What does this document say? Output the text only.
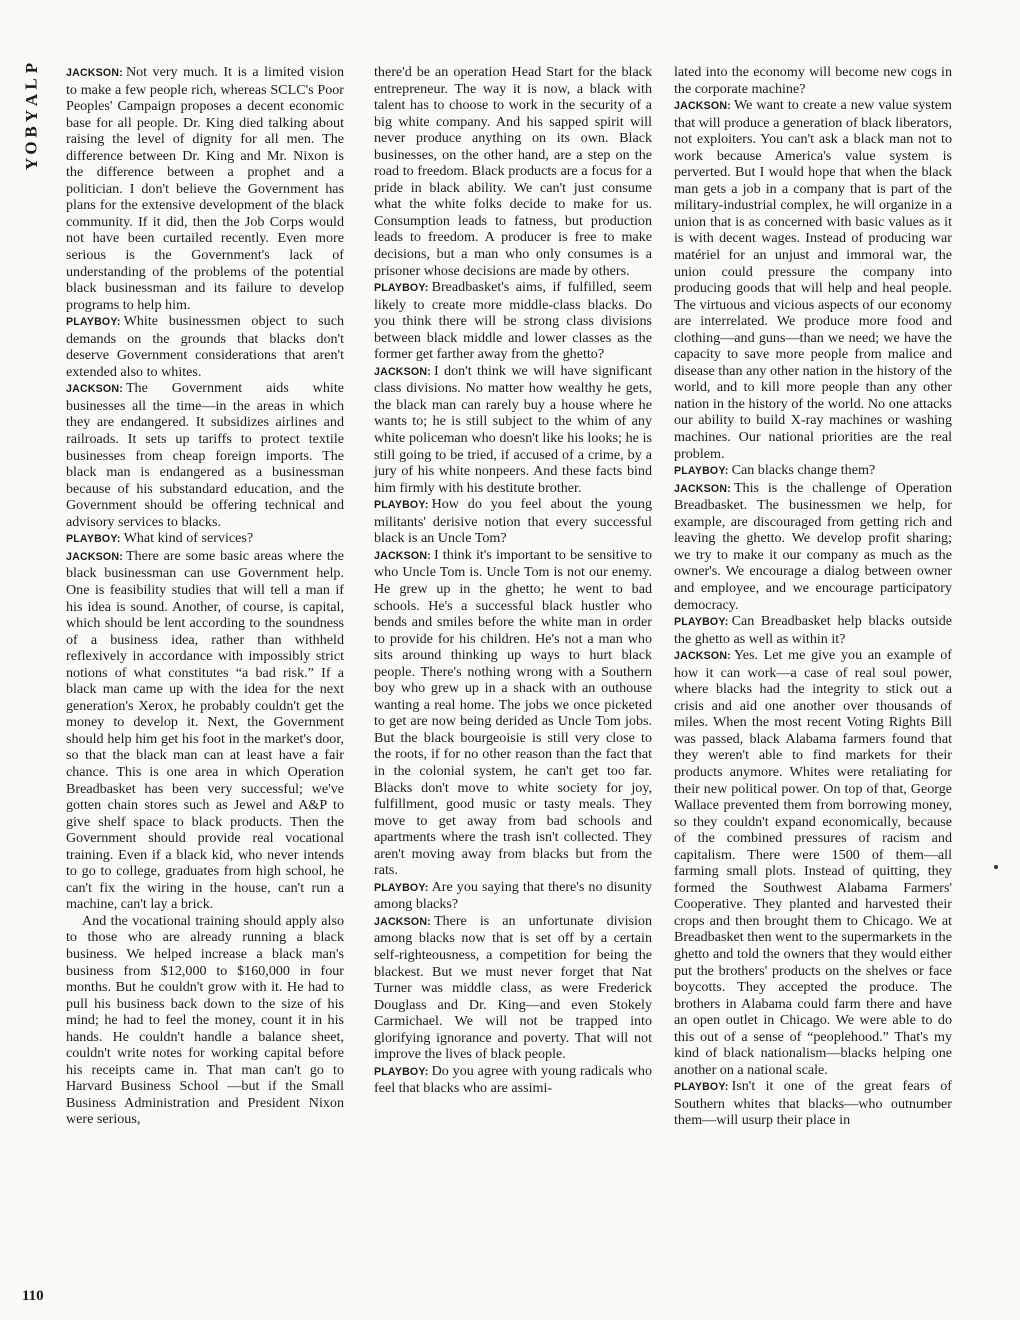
P
L
A
Y
B
O
Y

JACKSON: Not very much. It is a limited vision to make a few people rich, whereas SCLC's Poor Peoples' Campaign proposes a decent economic base for all people. Dr. King died talking about raising the level of dignity for all men. The difference between Dr. King and Mr. Nixon is the difference between a prophet and a politician. I don't believe the Government has plans for the extensive development of the black community. If it did, then the Job Corps would not have been curtailed recently. Even more serious is the Government's lack of understanding of the problems of the potential black businessman and its failure to develop programs to help him.

PLAYBOY: White businessmen object to such demands on the grounds that blacks don't deserve Government considerations that aren't extended also to whites.

JACKSON: The Government aids white businesses all the time—in the areas in which they are endangered. It subsidizes airlines and railroads. It sets up tariffs to protect textile businesses from cheap foreign imports. The black man is endangered as a businessman because of his substandard education, and the Government should be offering technical and advisory services to blacks.

PLAYBOY: What kind of services?

JACKSON: There are some basic areas where the black businessman can use Government help. One is feasibility studies that will tell a man if his idea is sound. Another, of course, is capital, which should be lent according to the soundness of a business idea, rather than withheld reflexively in accordance with impossibly strict notions of what constitutes “a bad risk.” If a black man came up with the idea for the next generation's Xerox, he probably couldn't get the money to develop it. Next, the Government should help him get his foot in the market's door, so that the black man can at least have a fair chance. This is one area in which Operation Breadbasket has been very successful; we've gotten chain stores such as Jewel and A&P to give shelf space to black products. Then the Government should provide real vocational training. Even if a black kid, who never intends to go to college, graduates from high school, he can't fix the wiring in the house, can't run a machine, can't lay a brick.

And the vocational training should apply also to those who are already running a black business. We helped increase a black man's business from $12,000 to $160,000 in four months. But he couldn't grow with it. He had to pull his business back down to the size of his mind; he had to feel the money, count it in his hands. He couldn't handle a balance sheet, couldn't write notes for working capital before his receipts came in. That man can't go to Harvard Business School —but if the Small Business Administration and President Nixon were serious,

there'd be an operation Head Start for the black entrepreneur. The way it is now, a black with talent has to choose to work in the security of a big white company. And his sapped spirit will never produce anything on its own. Black businesses, on the other hand, are a step on the road to freedom. Black products are a focus for a pride in black ability. We can't just consume what the white folks decide to make for us. Consumption leads to fatness, but production leads to freedom. A producer is free to make decisions, but a man who only consumes is a prisoner whose decisions are made by others.

PLAYBOY: Breadbasket's aims, if fulfilled, seem likely to create more middle-class blacks. Do you think there will be strong class divisions between black middle and lower classes as the former get farther away from the ghetto?

JACKSON: I don't think we will have significant class divisions. No matter how wealthy he gets, the black man can rarely buy a house where he wants to; he is still subject to the whim of any white policeman who doesn't like his looks; he is still going to be tried, if accused of a crime, by a jury of his white nonpeers. And these facts bind him firmly with his destitute brother.

PLAYBOY: How do you feel about the young militants' derisive notion that every successful black is an Uncle Tom?

JACKSON: I think it's important to be sensitive to who Uncle Tom is. Uncle Tom is not our enemy. He grew up in the ghetto; he went to bad schools. He's a successful black hustler who bends and smiles before the white man in order to provide for his children. He's not a man who sits around thinking up ways to hurt black people. There's nothing wrong with a Southern boy who grew up in a shack with an outhouse wanting a real home. The jobs we once picketed to get are now being derided as Uncle Tom jobs. But the black bourgeoisie is still very close to the roots, if for no other reason than the fact that in the colonial system, he can't get too far. Blacks don't move to white society for joy, fulfillment, good music or tasty meals. They move to get away from bad schools and apartments where the trash isn't collected. They aren't moving away from blacks but from the rats.

PLAYBOY: Are you saying that there's no disunity among blacks?

JACKSON: There is an unfortunate division among blacks now that is set off by a certain self-righteousness, a competition for being the blackest. But we must never forget that Nat Turner was middle class, as were Frederick Douglass and Dr. King—and even Stokely Carmichael. We will not be trapped into glorifying ignorance and poverty. That will not improve the lives of black people.

PLAYBOY: Do you agree with young radicals who feel that blacks who are assimi-

lated into the economy will become new cogs in the corporate machine?

JACKSON: We want to create a new value system that will produce a generation of black liberators, not exploiters. You can't ask a black man not to work because America's value system is perverted. But I would hope that when the black man gets a job in a company that is part of the military-industrial complex, he will organize in a union that is as concerned with basic values as it is with decent wages. Instead of producing war matériel for an unjust and immoral war, the union could pressure the company into producing goods that will help and heal people. The virtuous and vicious aspects of our economy are interrelated. We produce more food and clothing—and guns—than we need; we have the capacity to save more people from malice and disease than any other nation in the history of the world, and to kill more people than any other nation in the history of the world. No one attacks our ability to build X-ray machines or washing machines. Our national priorities are the real problem.

PLAYBOY: Can blacks change them?

JACKSON: This is the challenge of Operation Breadbasket. The businessmen we help, for example, are discouraged from getting rich and leaving the ghetto. We develop profit sharing; we try to make it our company as much as the owner's. We encourage a dialog between owner and employee, and we encourage participatory democracy.

PLAYBOY: Can Breadbasket help blacks outside the ghetto as well as within it?

JACKSON: Yes. Let me give you an example of how it can work—a case of real soul power, where blacks had the integrity to stick out a crisis and aid one another over thousands of miles. When the most recent Voting Rights Bill was passed, black Alabama farmers found that they weren't able to find markets for their products anymore. Whites were retaliating for their new political power. On top of that, George Wallace prevented them from borrowing money, so they couldn't expand economically, because of the combined pressures of racism and capitalism. There were 1500 of them—all farming small plots. Instead of quitting, they formed the Southwest Alabama Farmers' Cooperative. They planted and harvested their crops and then brought them to Chicago. We at Breadbasket then went to the supermarkets in the ghetto and told the owners that they would either put the brothers' products on the shelves or face boycotts. They accepted the produce. The brothers in Alabama could farm there and have an open outlet in Chicago. We were able to do this out of a sense of “peoplehood.” That's my kind of black nationalism—blacks helping one another on a national scale.

PLAYBOY: Isn't it one of the great fears of Southern whites that blacks—who outnumber them—will usurp their place in

110
